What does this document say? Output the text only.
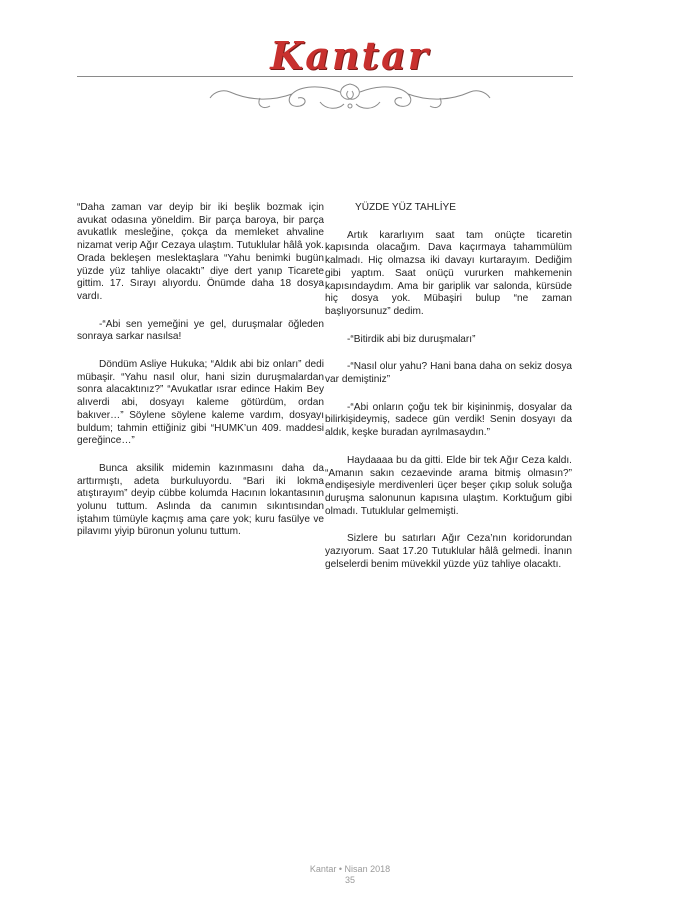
Kantar

“Daha zaman var deyip bir iki beşlik bozmak için avukat odasına yöneldim. Bir parça baroya, bir parça avukatlık mesleğine, çokça da memleket ahvaline nizamat verip Ağır Cezaya ulaştım. Tutuklular hâlâ yok. Orada bekleşen meslektaşlara “Yahu benimki bugün yüzde yüz tahliye olacaktı” diye dert yanıp Ticarete gittim. 17. Sırayı alıyordu. Önümde daha 18 dosya vardı.

-“Abi sen yemeğini ye gel, duruşmalar öğleden sonraya sarkar nasılsa!

Döndüm Asliye Hukuka; “Aldık abi biz onları” dedi mübaşir. “Yahu nasıl olur, hani sizin duruşmalardan sonra alacaktınız?” “Avukatlar ısrar edince Hakim Bey alıverdi abi, dosyayı kaleme götürdüm, ordan bakıver…” Söylene söylene kaleme vardım, dosyayı buldum; tahmin ettiğiniz gibi “HUMK’un 409. maddesi gereğince…”

Bunca aksilik midemin kazınmasını daha da arttırmıştı, adeta burkuluyordu. “Bari iki lokma atıştırayım” deyip cübbe kolumda Hacının lokantasının yolunu tuttum. Aslında da canımın sıkıntısından iştahım tümüyle kaçmış ama çare yok; kuru fasülye ve pilavımı yiyip büronun yolunu tuttum.

YÜZDE YÜZ TAHLİYE

Artık kararlıyım saat tam onüçte ticaretin kapısında olacağım. Dava kaçırmaya tahammülüm kalmadı. Hiç olmazsa iki davayı kurtarayım. Dediğim gibi yaptım. Saat onüçü vururken mahkemenin kapısındaydım. Ama bir gariplik var salonda, kürsüde hiç dosya yok. Mübaşiri bulup “ne zaman başlıyorsunuz” dedim.

-“Bitirdik abi biz duruşmaları”

-“Nasıl olur yahu? Hani bana daha on sekiz dosya var demiştiniz”

-“Abi onların çoğu tek bir kişininmiş, dosyalar da bilirkişideymiş, sadece gün verdik! Senin dosyayı da aldık, keşke buradan ayrılmasaydın.”

Haydaaaa bu da gitti. Elde bir tek Ağır Ceza kaldı. “Amanın sakın cezaevinde arama bitmiş olmasın?” endişesiyle merdivenleri üçer beşer çıkıp soluk soluğa duruşma salonunun kapısına ulaştım. Korktuğum gibi olmadı. Tutuklular gelmemişti.

Sizlere bu satırları Ağır Ceza’nın koridorundan yazıyorum. Saat 17.20 Tutuklular hâlâ gelmedi. İnanın gelselerdi benim müvekkil yüzde yüz tahliye olacaktı.

Kantar • Nisan 2018
35
